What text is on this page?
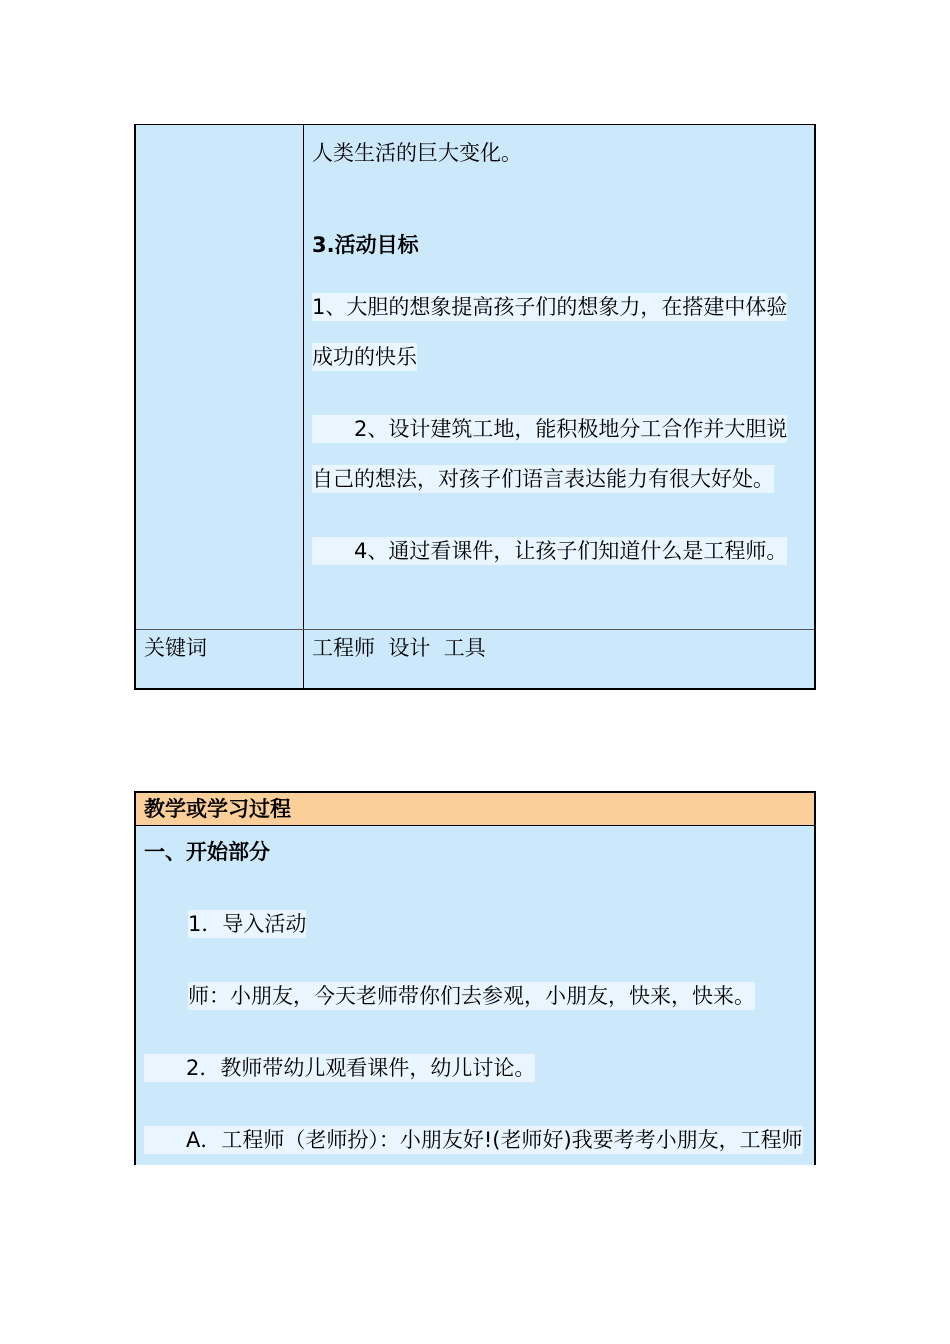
人类生活的巨大变化。
3.活动目标
1、大胆的想象提高孩子们的想象力，在搭建中体验
成功的快乐
　　2、设计建筑工地，能积极地分工合作并大胆说
自己的想法，对孩子们语言表达能力有很大好处。
　　4、通过看课件，让孩子们知道什么是工程师。
关键词	工程师  设计  工具
教学或学习过程
一、开始部分
1．导入活动
师：小朋友，今天老师带你们去参观，小朋友，快来，快来。
　　2．教师带幼儿观看课件，幼儿讨论。
　　A．工程师（老师扮）：小朋友好!(老师好)我要考考小朋友，工程师
